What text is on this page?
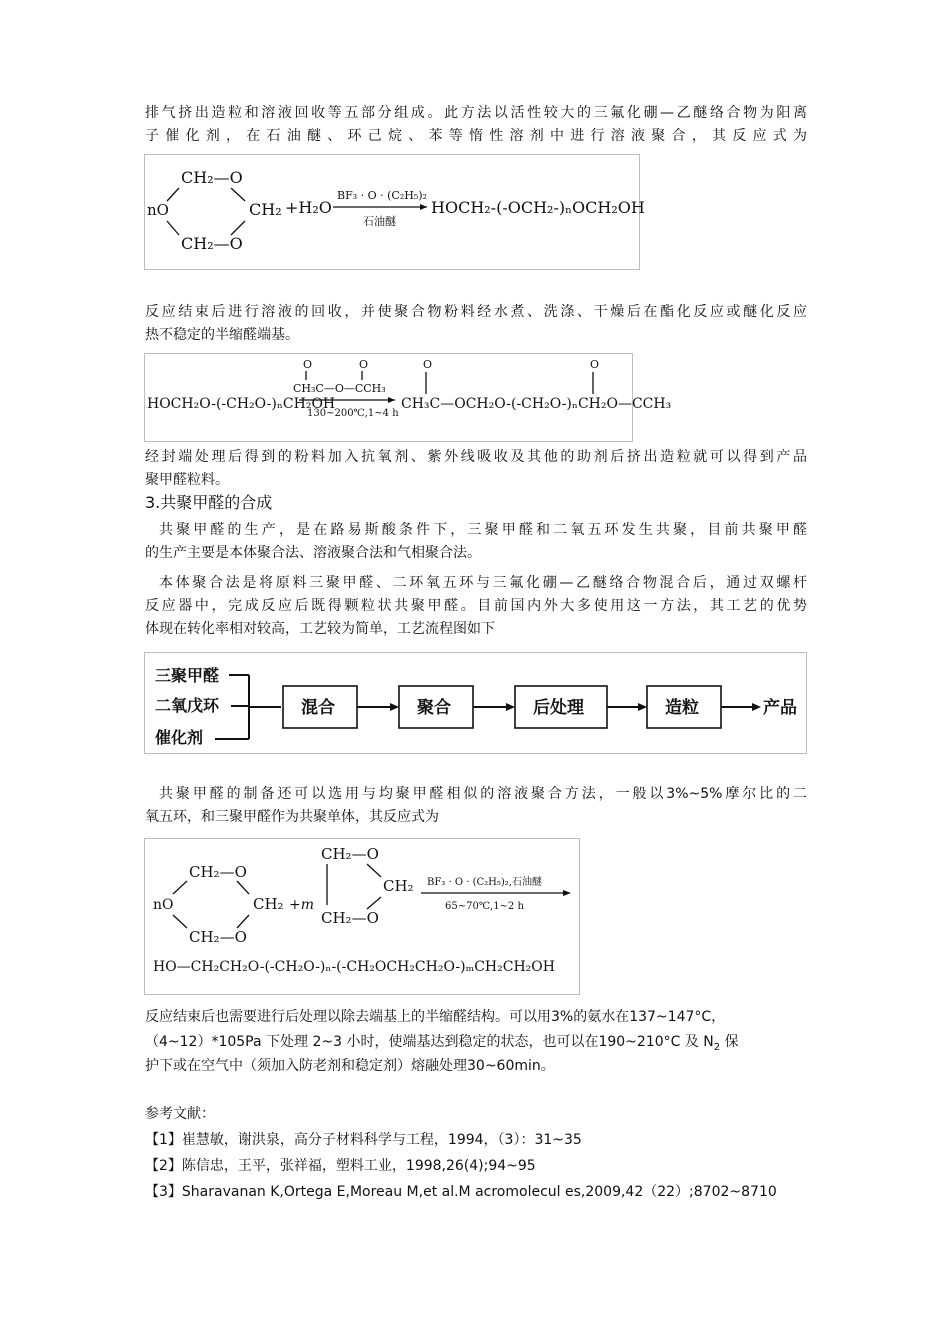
排气挤出造粒和溶液回收等五部分组成。此方法以活性较大的三氟化硼—乙醚络合物为阳离
子催化剂，在石油醚、环己烷、苯等惰性溶剂中进行溶液聚合，其反应式为
CH₂—O
nO	CH₂
CH₂—O
+H₂O
BF₃ · O · (C₂H₅)₂
石油醚
HOCH₂-(-OCH₂-)ₙOCH₂OH
反应结束后进行溶液的回收，并使聚合物粉料经水煮、洗涤、干燥后在酯化反应或醚化反应
热不稳定的半缩醛端基。
O	O
CH₃C—O—CCH₃
HOCH₂O-(-CH₂O-)ₙCH₂OH
130~200℃,1~4 h
O	O
CH₃C—OCH₂O-(-CH₂O-)ₙCH₂O—CCH₃
经封端处理后得到的粉料加入抗氧剂、紫外线吸收及其他的助剂后挤出造粒就可以得到产品
聚甲醛粒料。
3.共聚甲醛的合成
共聚甲醛的生产，是在路易斯酸条件下，三聚甲醛和二氧五环发生共聚，目前共聚甲醛
的生产主要是本体聚合法、溶液聚合法和气相聚合法。
本体聚合法是将原料三聚甲醛、二环氧五环与三氟化硼—乙醚络合物混合后，通过双螺杆
反应器中，完成反应后既得颗粒状共聚甲醛。目前国内外大多使用这一方法，其工艺的优势
体现在转化率相对较高，工艺较为简单，工艺流程图如下
三聚甲醛
二氧戊环
催化剂
混合	聚合	后处理	造粒	产品
共聚甲醛的制备还可以选用与均聚甲醛相似的溶液聚合方法，一般以3%~5%摩尔比的二
氧五环，和三聚甲醛作为共聚单体，其反应式为
CH₂—O
nO	CH₂
CH₂—O
+m
CH₂—O
CH₂
CH₂—O
BF₃ · O · (C₂H₅)₂,石油醚
65~70℃,1~2 h
HO—CH₂CH₂O-(-CH₂O-)ₙ-(-CH₂OCH₂CH₂O-)ₘCH₂CH₂OH
反应结束后也需要进行后处理以除去端基上的半缩醛结构。可以用3%的氨水在137~147°C，
（4~12）*105Pa 下处理 2~3 小时，使端基达到稳定的状态，也可以在190~210°C 及 $N_2$ 保
护下或在空气中（须加入防老剂和稳定剂）熔融处理30~60min。
参考文献：
【1】崔慧敏，谢洪泉，高分子材料科学与工程，1994，（3）：31~35
【2】陈信忠，王平，张祥福，塑料工业，1998,26(4);94~95
【3】Sharavanan K,Ortega E,Moreau M,et al.M acromolecul es,2009,42（22）;8702~8710
